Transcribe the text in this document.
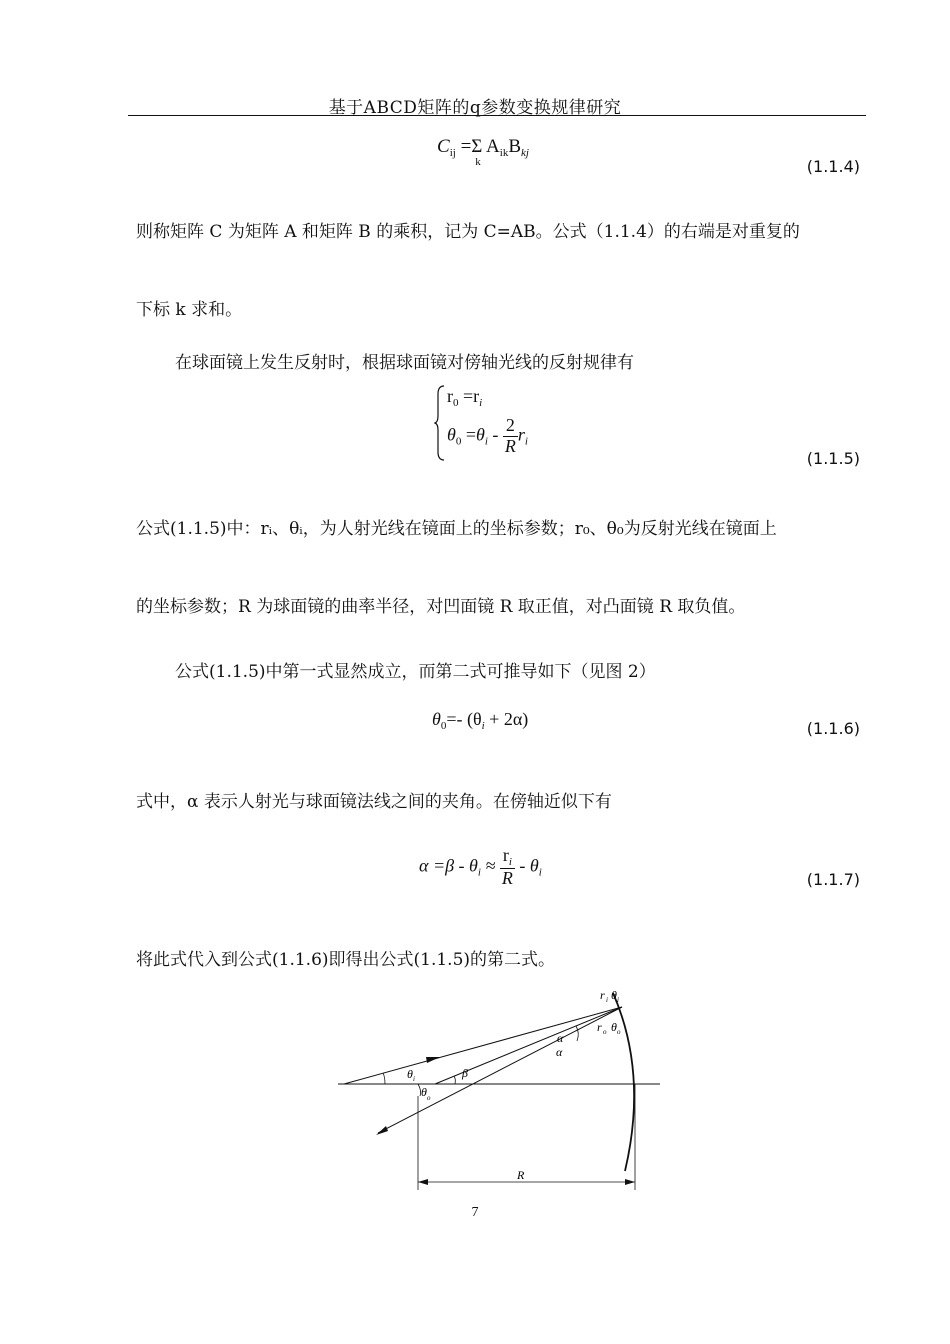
基于ABCD矩阵的q参数变换规律研究
$C_{ij} =\Sigma$
k
$A_{ik}B_{kj}$
(1.1.4)
则称矩阵 C 为矩阵 A 和矩阵 B 的乘积，记为 C=AB。公式（1.1.4）的右端是对重复的
下标 k 求和。
在球面镜上发生反射时，根据球面镜对傍轴光线的反射规律有
$r_0 =r_i$
$\theta_0 =\theta_i - \frac{2}{R} r_i$
(1.1.5)
公式(1.1.5)中：rᵢ、θᵢ，为人射光线在镜面上的坐标参数；r₀、θ₀为反射光线在镜面上
的坐标参数；R 为球面镜的曲率半径，对凹面镜 R 取正值，对凸面镜 R 取负值。
公式(1.1.5)中第一式显然成立，而第二式可推导如下（见图 2）
$\theta_0=-$ $(\theta_i + 2\alpha)$	(1.1.6)
式中，α 表示人射光与球面镜法线之间的夹角。在傍轴近似下有
$\alpha =\beta - \theta_i \approx \frac{r_i}{R} - \theta_i$	(1.1.7)
将此式代入到公式(1.1.6)即得出公式(1.1.5)的第二式。
r i θ i
r o θ o
α
α
β
θ i
θ o
R
7
